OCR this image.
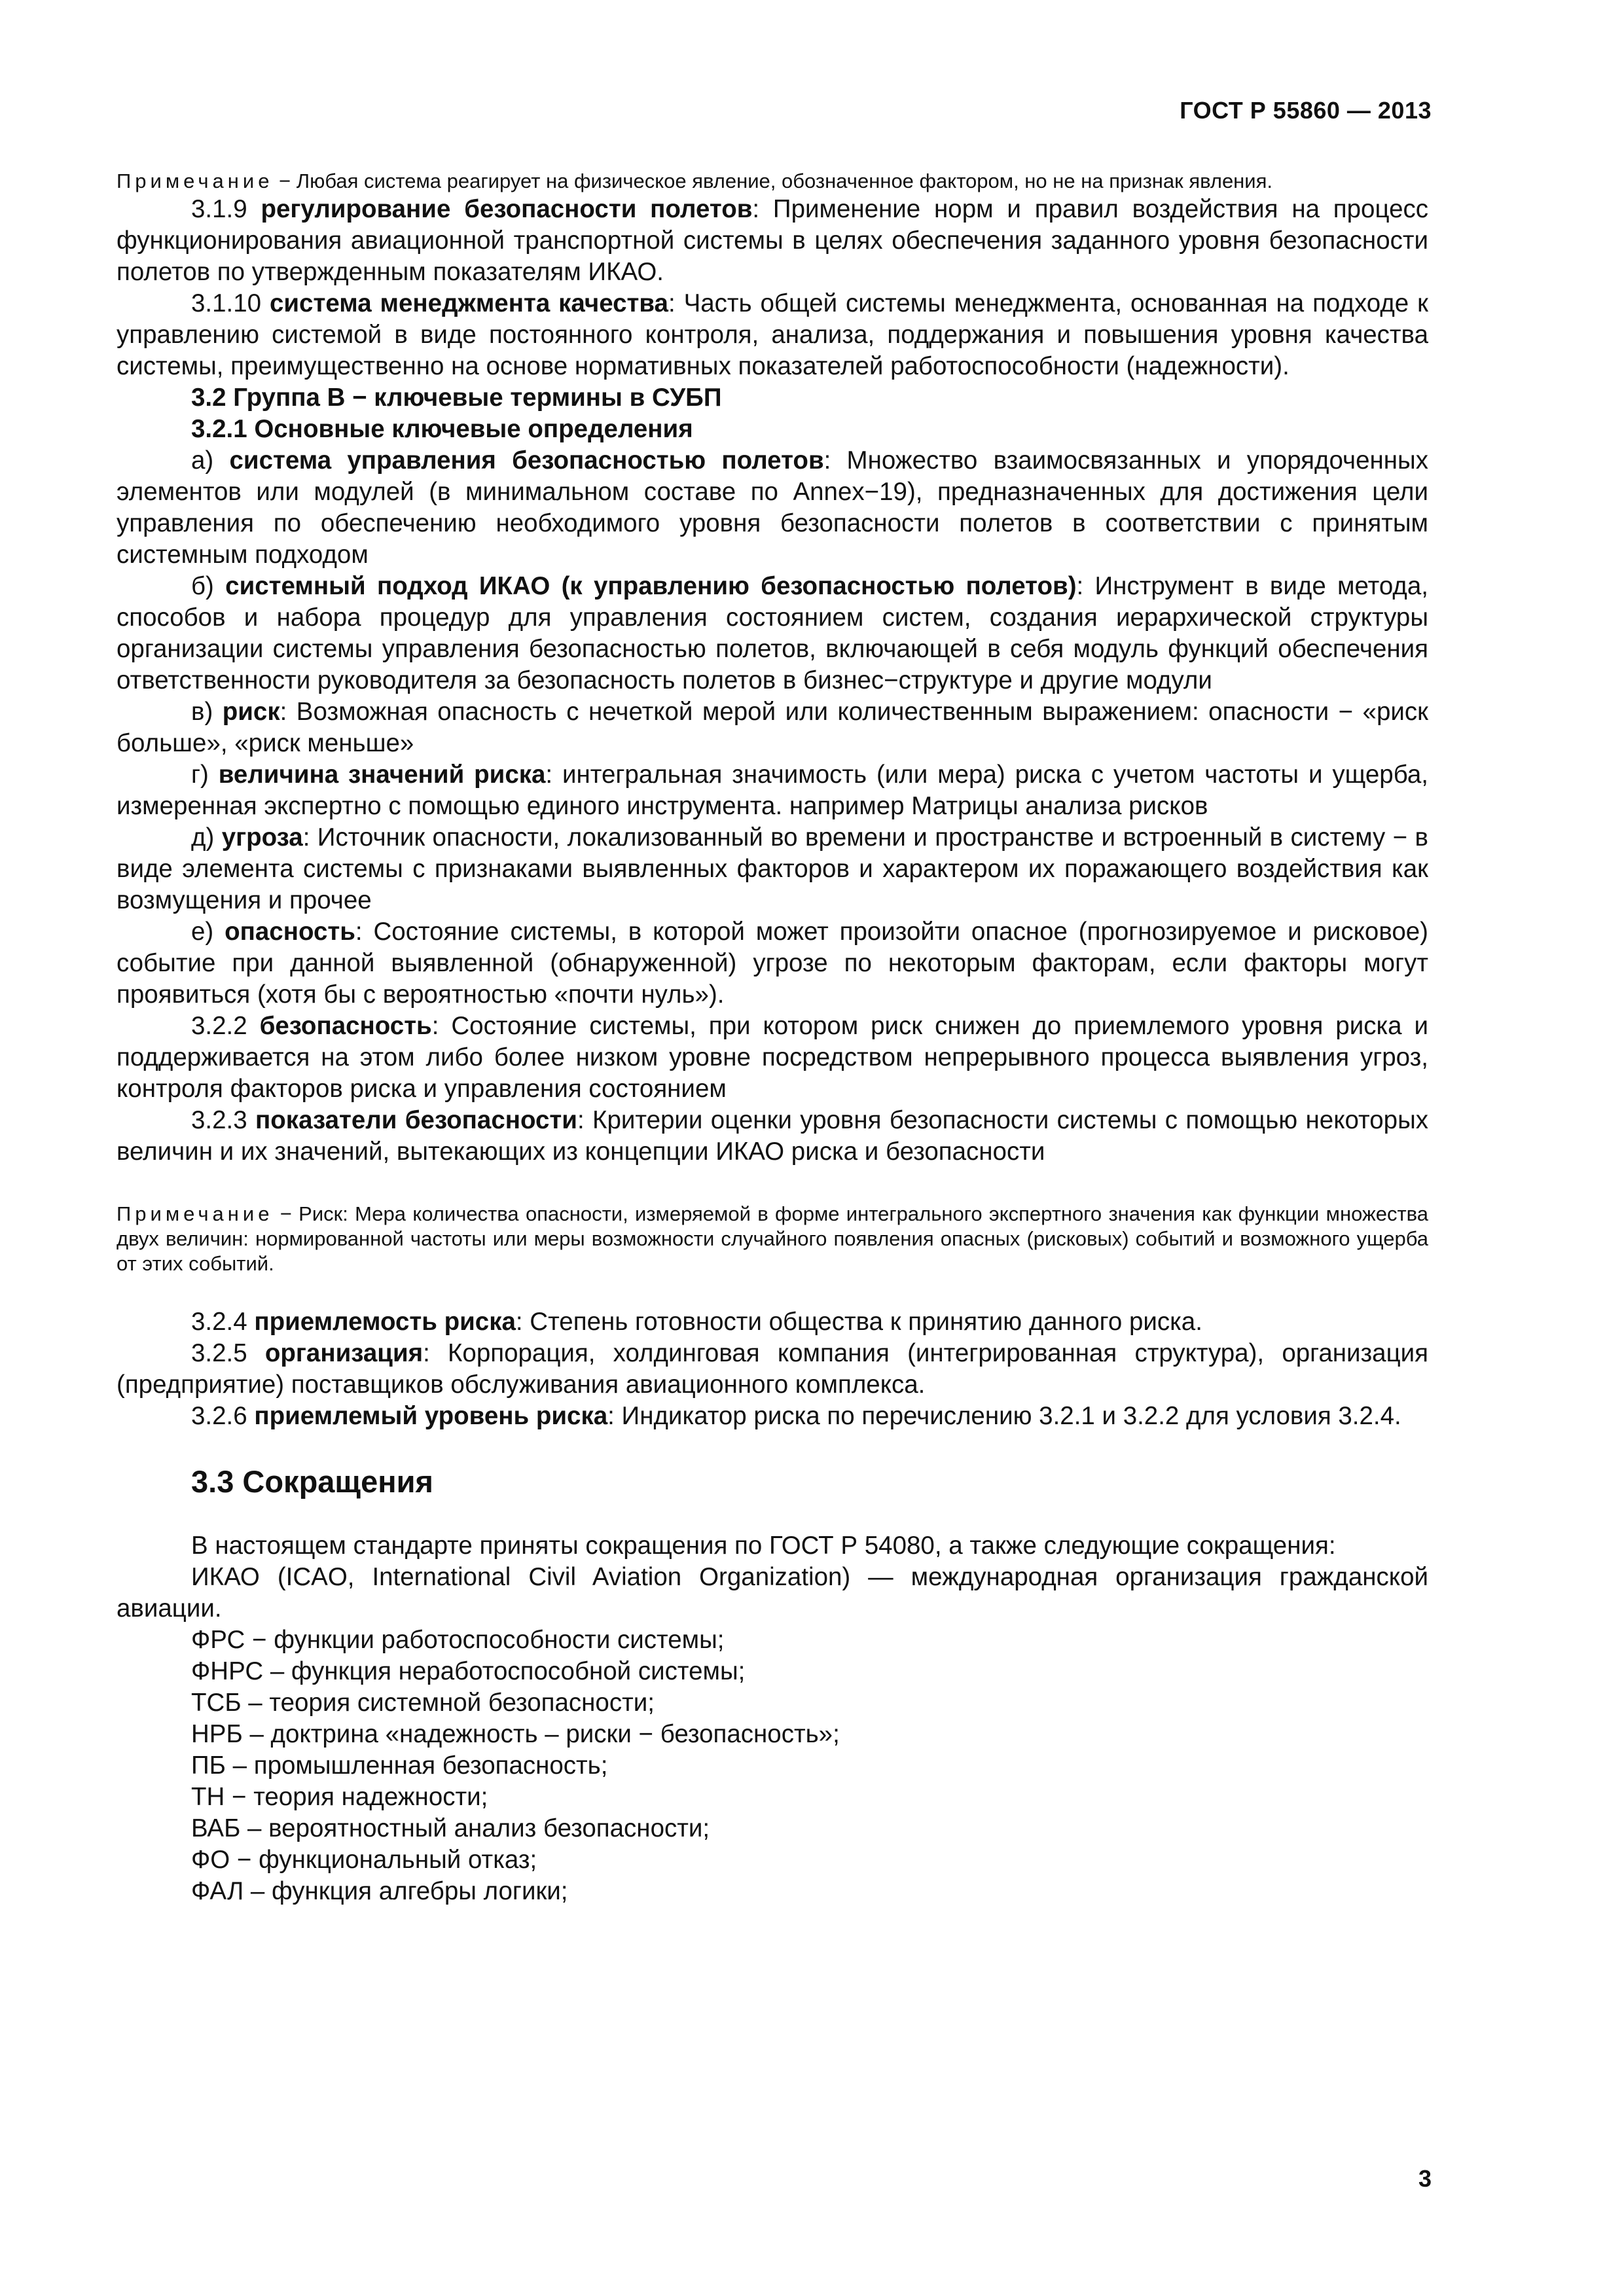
ГОСТ Р 55860 — 2013

Примечание − Любая система реагирует на физическое явление, обозначенное фактором, но не на признак явления.

3.1.9 регулирование безопасности полетов: Применение норм и правил воздействия на процесс функционирования авиационной транспортной системы в целях обеспечения заданного уровня безопасности полетов по утвержденным показателям ИКАО.

3.1.10 система менеджмента качества: Часть общей системы менеджмента, основанная на подходе к управлению системой в виде постоянного контроля, анализа, поддержания и повышения уровня качества системы, преимущественно на основе нормативных показателей работоспособности (надежности).

3.2 Группа В − ключевые термины в СУБП

3.2.1 Основные ключевые определения

а) система управления безопасностью полетов: Множество взаимосвязанных и упорядоченных элементов или модулей (в минимальном составе по Annex−19), предназначенных для достижения цели управления по обеспечению необходимого уровня безопасности полетов в соответствии с принятым системным подходом

б) системный подход ИКАО (к управлению безопасностью полетов): Инструмент в виде метода, способов и набора процедур для управления состоянием систем, создания иерархической структуры организации системы управления безопасностью полетов, включающей в себя модуль функций обеспечения ответственности руководителя за безопасность полетов в бизнес−структуре и другие модули

в) риск: Возможная опасность с нечеткой мерой или количественным выражением: опасности − «риск больше», «риск меньше»

г) величина значений риска: интегральная значимость (или мера) риска с учетом частоты и ущерба, измеренная экспертно с помощью единого инструмента. например Матрицы анализа рисков

д) угроза: Источник опасности, локализованный во времени и пространстве и встроенный в систему − в виде элемента системы с признаками выявленных факторов и характером их поражающего воздействия как возмущения и прочее

е) опасность: Состояние системы, в которой может произойти опасное (прогнозируемое и рисковое) событие при данной выявленной (обнаруженной) угрозе по некоторым факторам, если факторы могут проявиться (хотя бы с вероятностью «почти нуль»).

3.2.2 безопасность: Состояние системы, при котором риск снижен до приемлемого уровня риска и поддерживается на этом либо более низком уровне посредством непрерывного процесса выявления угроз, контроля факторов риска и управления состоянием

3.2.3 показатели безопасности: Критерии оценки уровня безопасности системы с помощью некоторых величин и их значений, вытекающих из концепции ИКАО риска и безопасности

Примечание − Риск: Мера количества опасности, измеряемой в форме интегрального экспертного значения как функции множества двух величин: нормированной частоты или меры возможности случайного появления опасных (рисковых) событий и возможного ущерба от этих событий.

3.2.4 приемлемость риска: Степень готовности общества к принятию данного риска.

3.2.5 организация: Корпорация, холдинговая компания (интегрированная структура), организация (предприятие) поставщиков обслуживания авиационного комплекса.

3.2.6 приемлемый уровень риска: Индикатор риска по перечислению 3.2.1 и 3.2.2 для условия 3.2.4.

3.3 Сокращения

В настоящем стандарте приняты сокращения по ГОСТ Р 54080, а также следующие сокращения:

ИКАО (ICAO, International Civil Aviation Organization) — международная организация гражданской авиации.

ФРС − функции работоспособности системы;

ФНРС – функция неработоспособной системы;

ТСБ – теория системной безопасности;

НРБ – доктрина «надежность – риски − безопасность»;

ПБ – промышленная безопасность;

ТН − теория надежности;

ВАБ – вероятностный анализ безопасности;

ФО − функциональный отказ;

ФАЛ – функция алгебры логики;

3
